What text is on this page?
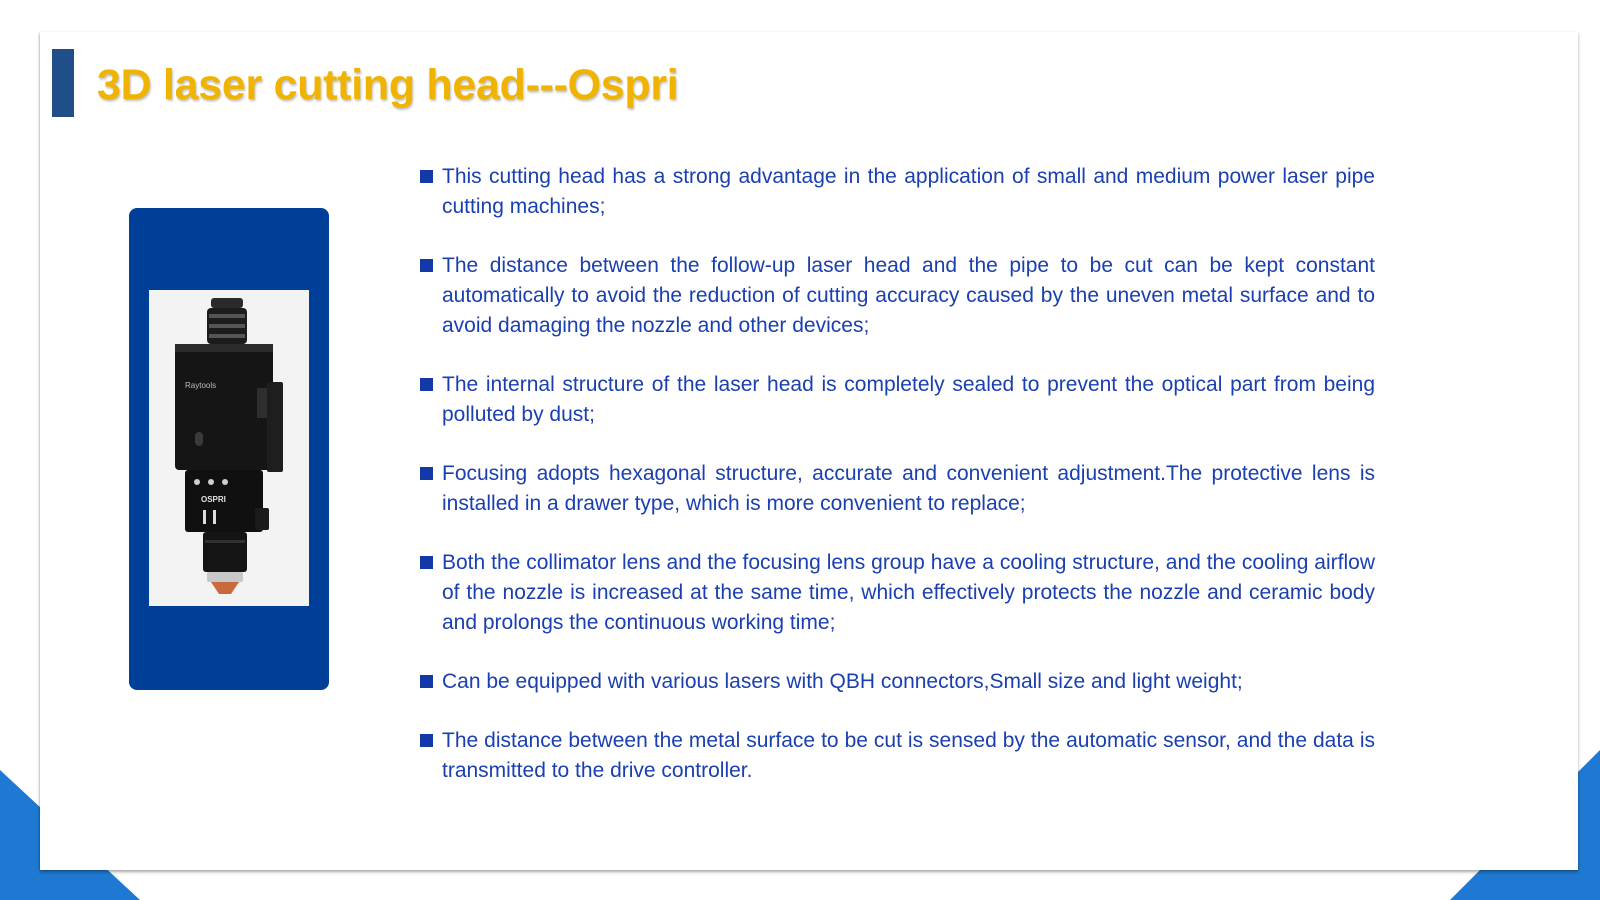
3D laser cutting head---Ospri
Raytools
OSPRI
This cutting head has a strong advantage in the application of small and medium power laser pipe cutting machines;
The distance between the follow-up laser head and the pipe to be cut can be kept constant automatically to avoid the reduction of cutting accuracy caused by the uneven metal surface and to avoid damaging the nozzle and other devices;
The internal structure of the laser head is completely sealed to prevent the optical part from being polluted by dust;
Focusing adopts hexagonal structure, accurate and convenient adjustment.The protective lens is installed in a drawer type, which is more convenient to replace;
Both the collimator lens and the focusing lens group have a cooling structure, and the cooling airflow of the nozzle is increased at the same time, which effectively protects the nozzle and ceramic body and prolongs the continuous working time;
Can be equipped with various lasers with QBH connectors,Small size and light weight;
The distance between the metal surface to be cut is sensed by the automatic sensor, and the data is transmitted to the drive controller.
